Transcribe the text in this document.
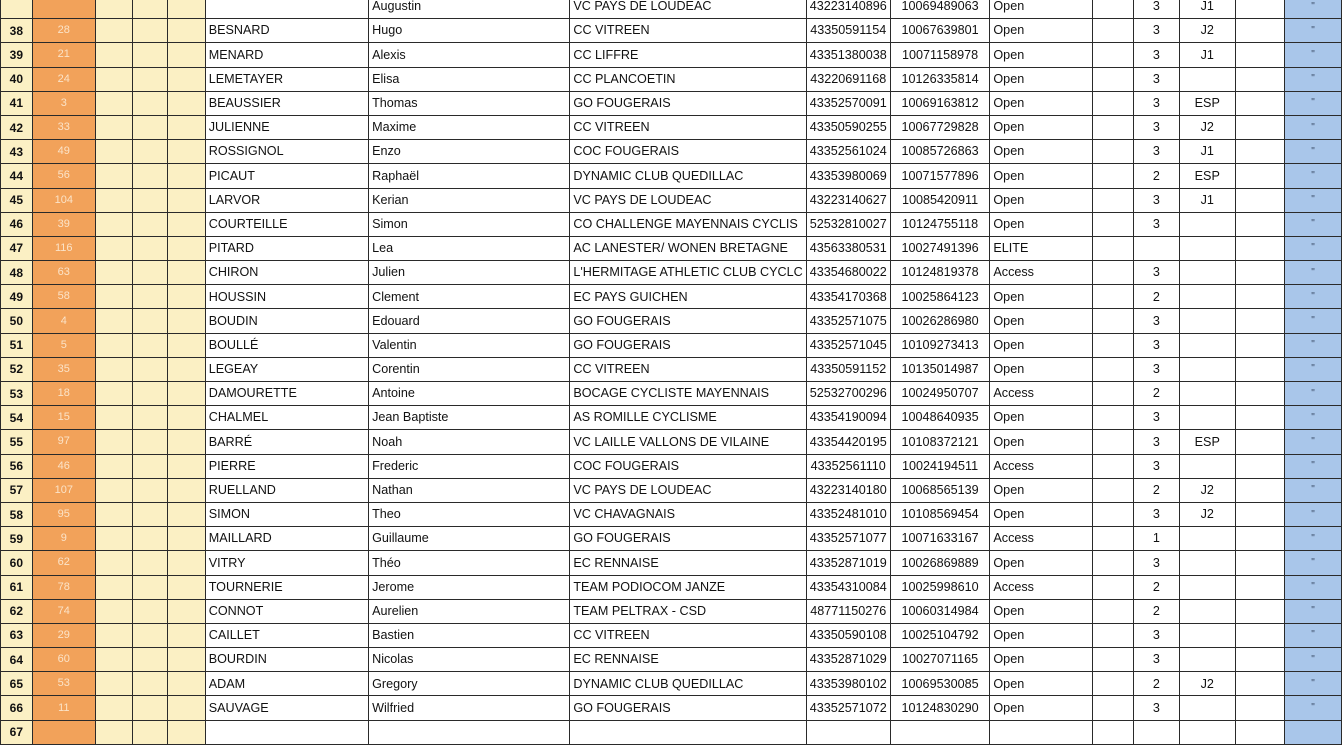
						Augustin	VC PAYS DE LOUDEAC	43223140896	10069489063	Open		3	J1		"
38	28				BESNARD	Hugo	CC VITREEN	43350591154	10067639801	Open		3	J2		"
39	21				MENARD	Alexis	CC LIFFRE	43351380038	10071158978	Open		3	J1		"
40	24				LEMETAYER	Elisa	CC PLANCOETIN	43220691168	10126335814	Open		3			"
41	3				BEAUSSIER	Thomas	GO FOUGERAIS	43352570091	10069163812	Open		3	ESP		"
42	33				JULIENNE	Maxime	CC VITREEN	43350590255	10067729828	Open		3	J2		"
43	49				ROSSIGNOL	Enzo	COC FOUGERAIS	43352561024	10085726863	Open		3	J1		"
44	56				PICAUT	Raphaël	DYNAMIC CLUB QUEDILLAC	43353980069	10071577896	Open		2	ESP		"
45	104				LARVOR	Kerian	VC PAYS DE LOUDEAC	43223140627	10085420911	Open		3	J1		"
46	39				COURTEILLE	Simon	CO CHALLENGE MAYENNAIS CYCLIS	52532810027	10124755118	Open		3			"
47	116				PITARD	Lea	AC LANESTER/ WONEN BRETAGNE	43563380531	10027491396	ELITE					"
48	63				CHIRON	Julien	L'HERMITAGE ATHLETIC CLUB CYCLC	43354680022	10124819378	Access		3			"
49	58				HOUSSIN	Clement	EC PAYS GUICHEN	43354170368	10025864123	Open		2			"
50	4				BOUDIN	Edouard	GO FOUGERAIS	43352571075	10026286980	Open		3			"
51	5				BOULLÉ	Valentin	GO FOUGERAIS	43352571045	10109273413	Open		3			"
52	35				LEGEAY	Corentin	CC VITREEN	43350591152	10135014987	Open		3			"
53	18				DAMOURETTE	Antoine	BOCAGE CYCLISTE MAYENNAIS	52532700296	10024950707	Access		2			"
54	15				CHALMEL	Jean Baptiste	AS ROMILLE CYCLISME	43354190094	10048640935	Open		3			"
55	97				BARRÉ	Noah	VC LAILLE VALLONS DE VILAINE	43354420195	10108372121	Open		3	ESP		"
56	46				PIERRE	Frederic	COC FOUGERAIS	43352561110	10024194511	Access		3			"
57	107				RUELLAND	Nathan	VC PAYS DE LOUDEAC	43223140180	10068565139	Open		2	J2		"
58	95				SIMON	Theo	VC CHAVAGNAIS	43352481010	10108569454	Open		3	J2		"
59	9				MAILLARD	Guillaume	GO FOUGERAIS	43352571077	10071633167	Access		1			"
60	62				VITRY	Théo	EC RENNAISE	43352871019	10026869889	Open		3			"
61	78				TOURNERIE	Jerome	TEAM PODIOCOM JANZE	43354310084	10025998610	Access		2			"
62	74				CONNOT	Aurelien	TEAM PELTRAX - CSD	48771150276	10060314984	Open		2			"
63	29				CAILLET	Bastien	CC VITREEN	43350590108	10025104792	Open		3			"
64	60				BOURDIN	Nicolas	EC RENNAISE	43352871029	10027071165	Open		3			"
65	53				ADAM	Gregory	DYNAMIC CLUB QUEDILLAC	43353980102	10069530085	Open		2	J2		"
66	11				SAUVAGE	Wilfried	GO FOUGERAIS	43352571072	10124830290	Open		3			"
67															
